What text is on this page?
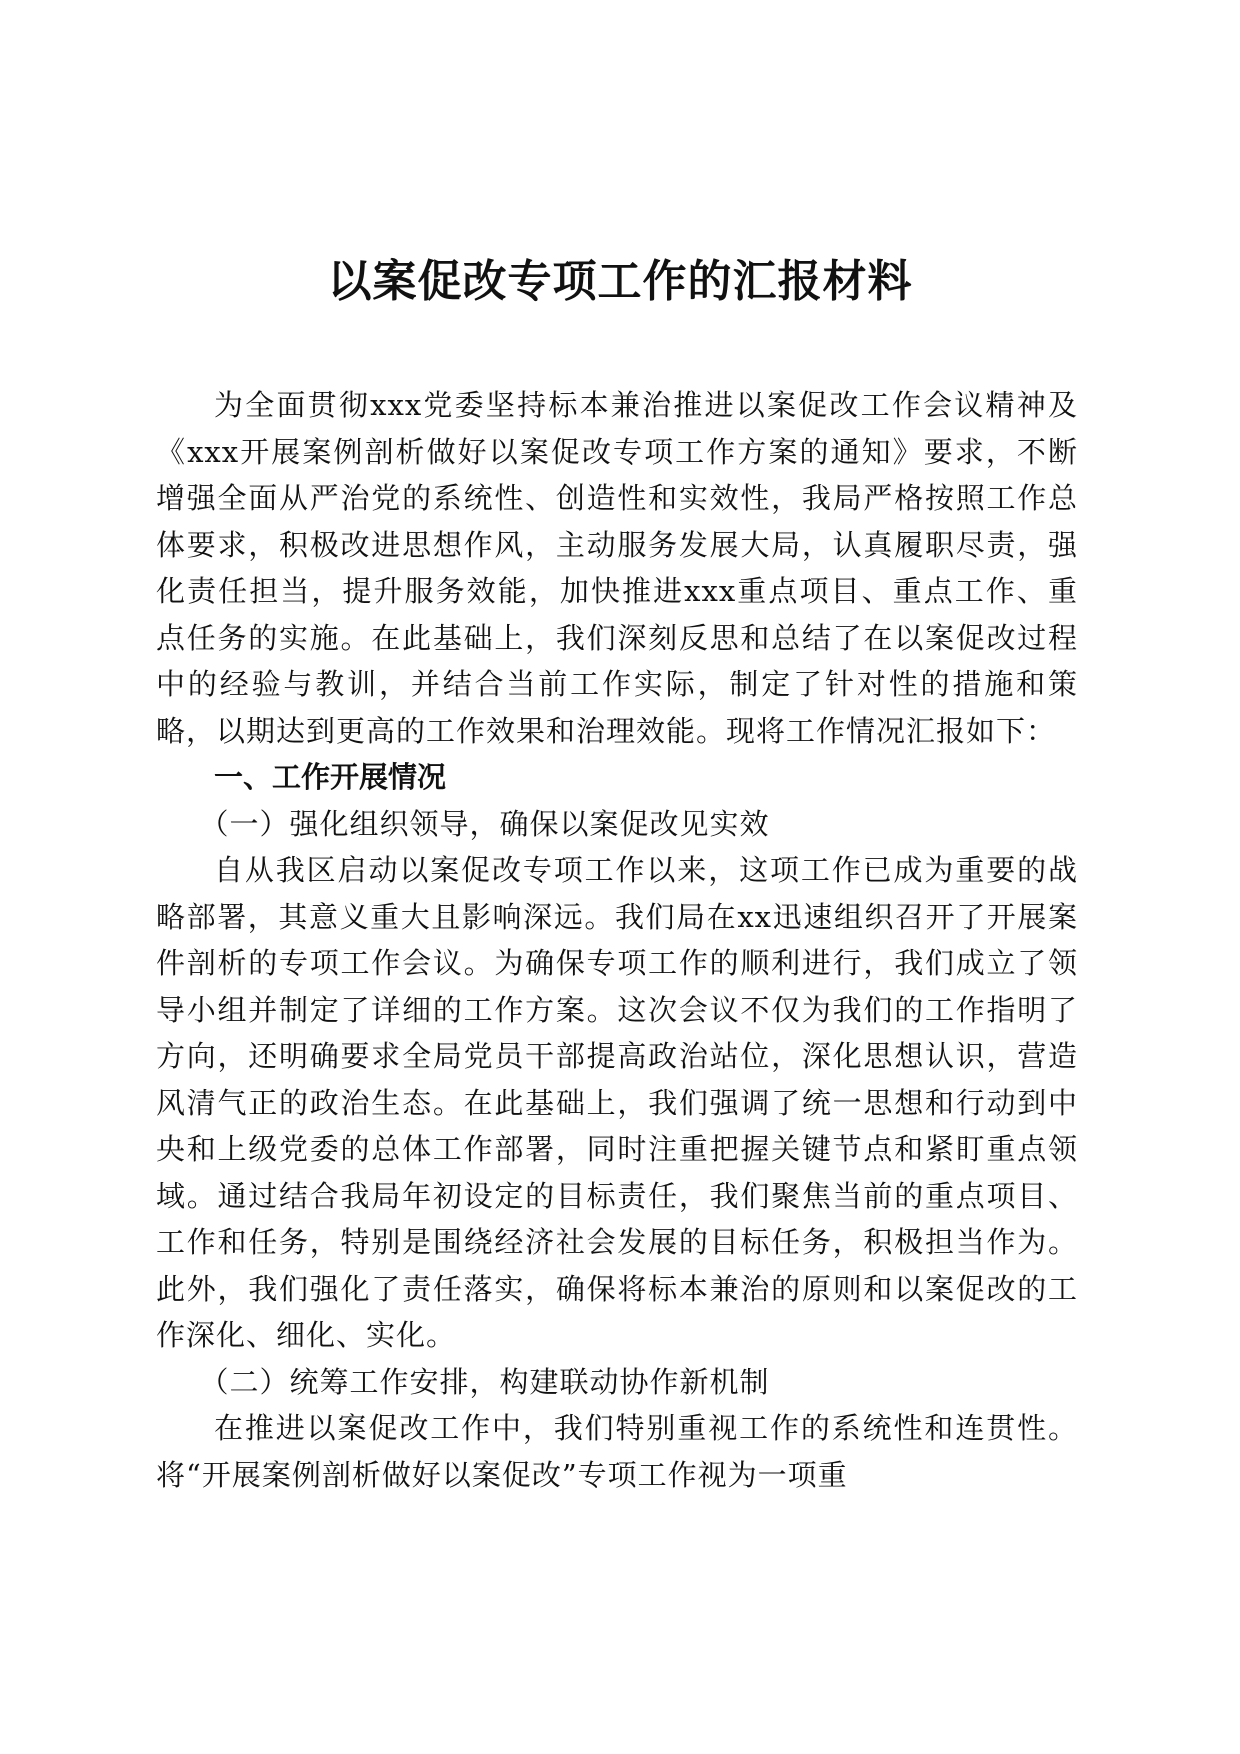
以案促改专项工作的汇报材料

为全面贯彻xxx党委坚持标本兼治推进以案促改工作会议精神及《xxx开展案例剖析做好以案促改专项工作方案的通知》要求，不断增强全面从严治党的系统性、创造性和实效性，我局严格按照工作总体要求，积极改进思想作风，主动服务发展大局，认真履职尽责，强化责任担当，提升服务效能，加快推进xxx重点项目、重点工作、重点任务的实施。在此基础上，我们深刻反思和总结了在以案促改过程中的经验与教训，并结合当前工作实际，制定了针对性的措施和策略，以期达到更高的工作效果和治理效能。现将工作情况汇报如下：

一、工作开展情况

（一）强化组织领导，确保以案促改见实效

自从我区启动以案促改专项工作以来，这项工作已成为重要的战略部署，其意义重大且影响深远。我们局在xx迅速组织召开了开展案件剖析的专项工作会议。为确保专项工作的顺利进行，我们成立了领导小组并制定了详细的工作方案。这次会议不仅为我们的工作指明了方向，还明确要求全局党员干部提高政治站位，深化思想认识，营造风清气正的政治生态。在此基础上，我们强调了统一思想和行动到中央和上级党委的总体工作部署，同时注重把握关键节点和紧盯重点领域。通过结合我局年初设定的目标责任，我们聚焦当前的重点项目、工作和任务，特别是围绕经济社会发展的目标任务，积极担当作为。此外，我们强化了责任落实，确保将标本兼治的原则和以案促改的工作深化、细化、实化。

（二）统筹工作安排，构建联动协作新机制

在推进以案促改工作中，我们特别重视工作的系统性和连贯性。将“开展案例剖析做好以案促改”专项工作视为一项重
